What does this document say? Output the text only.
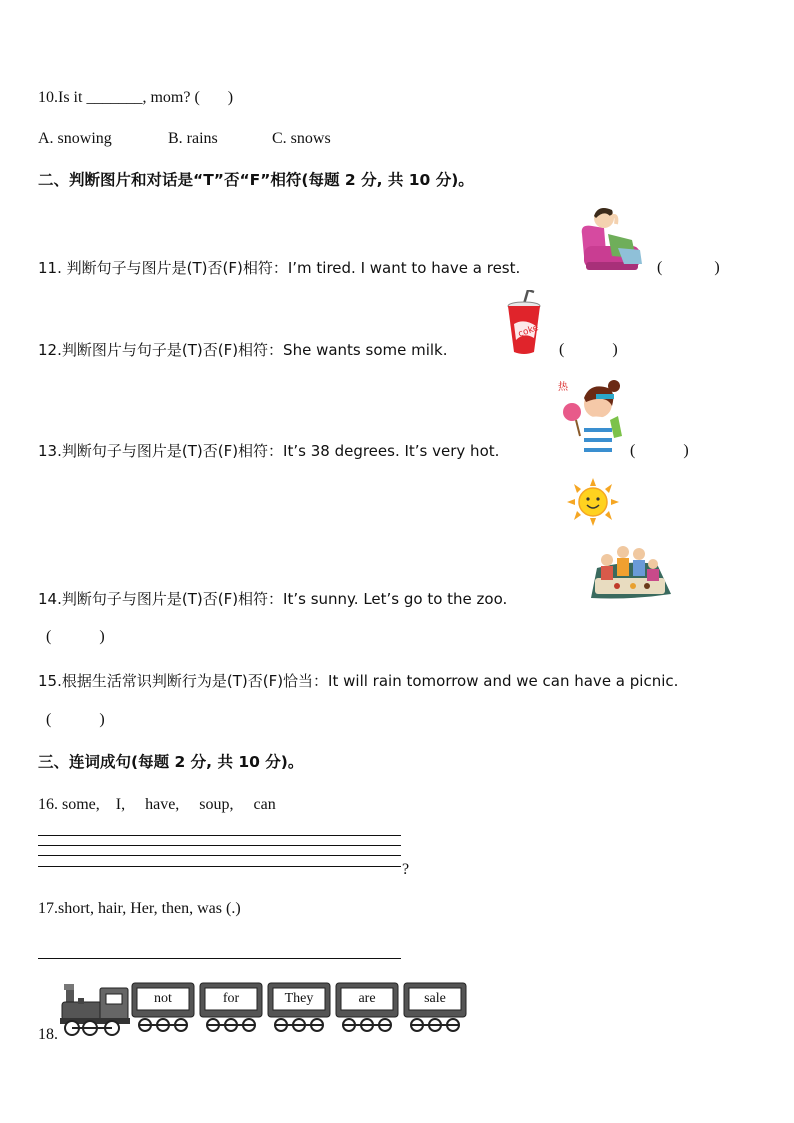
10.Is it _______, mom? (       )
A. snowing	B. rains	C. snows
二、判断图片和对话是“T”否“F”相符(每题 2 分, 共 10 分)。
11. 判断句子与图片是(T)否(F)相符：I’m tired. I want to have a rest.	(             )
12.判断图片与句子是(T)否(F)相符：She wants some milk.	(            )
coke
13.判断句子与图片是(T)否(F)相符：It’s 38 degrees. It’s very hot.	(            )
热
14.判断句子与图片是(T)否(F)相符：It’s sunny. Let’s go to the zoo.
(            )
15.根据生活常识判断行为是(T)否(F)恰当：It will rain tomorrow and we can have a picnic.
(            )
三、连词成句(每题 2 分, 共 10 分)。
16. some,    I,     have,     soup,     can
?
17.short, hair, Her, then, was (.)
18.
not	for	They	are	sale
